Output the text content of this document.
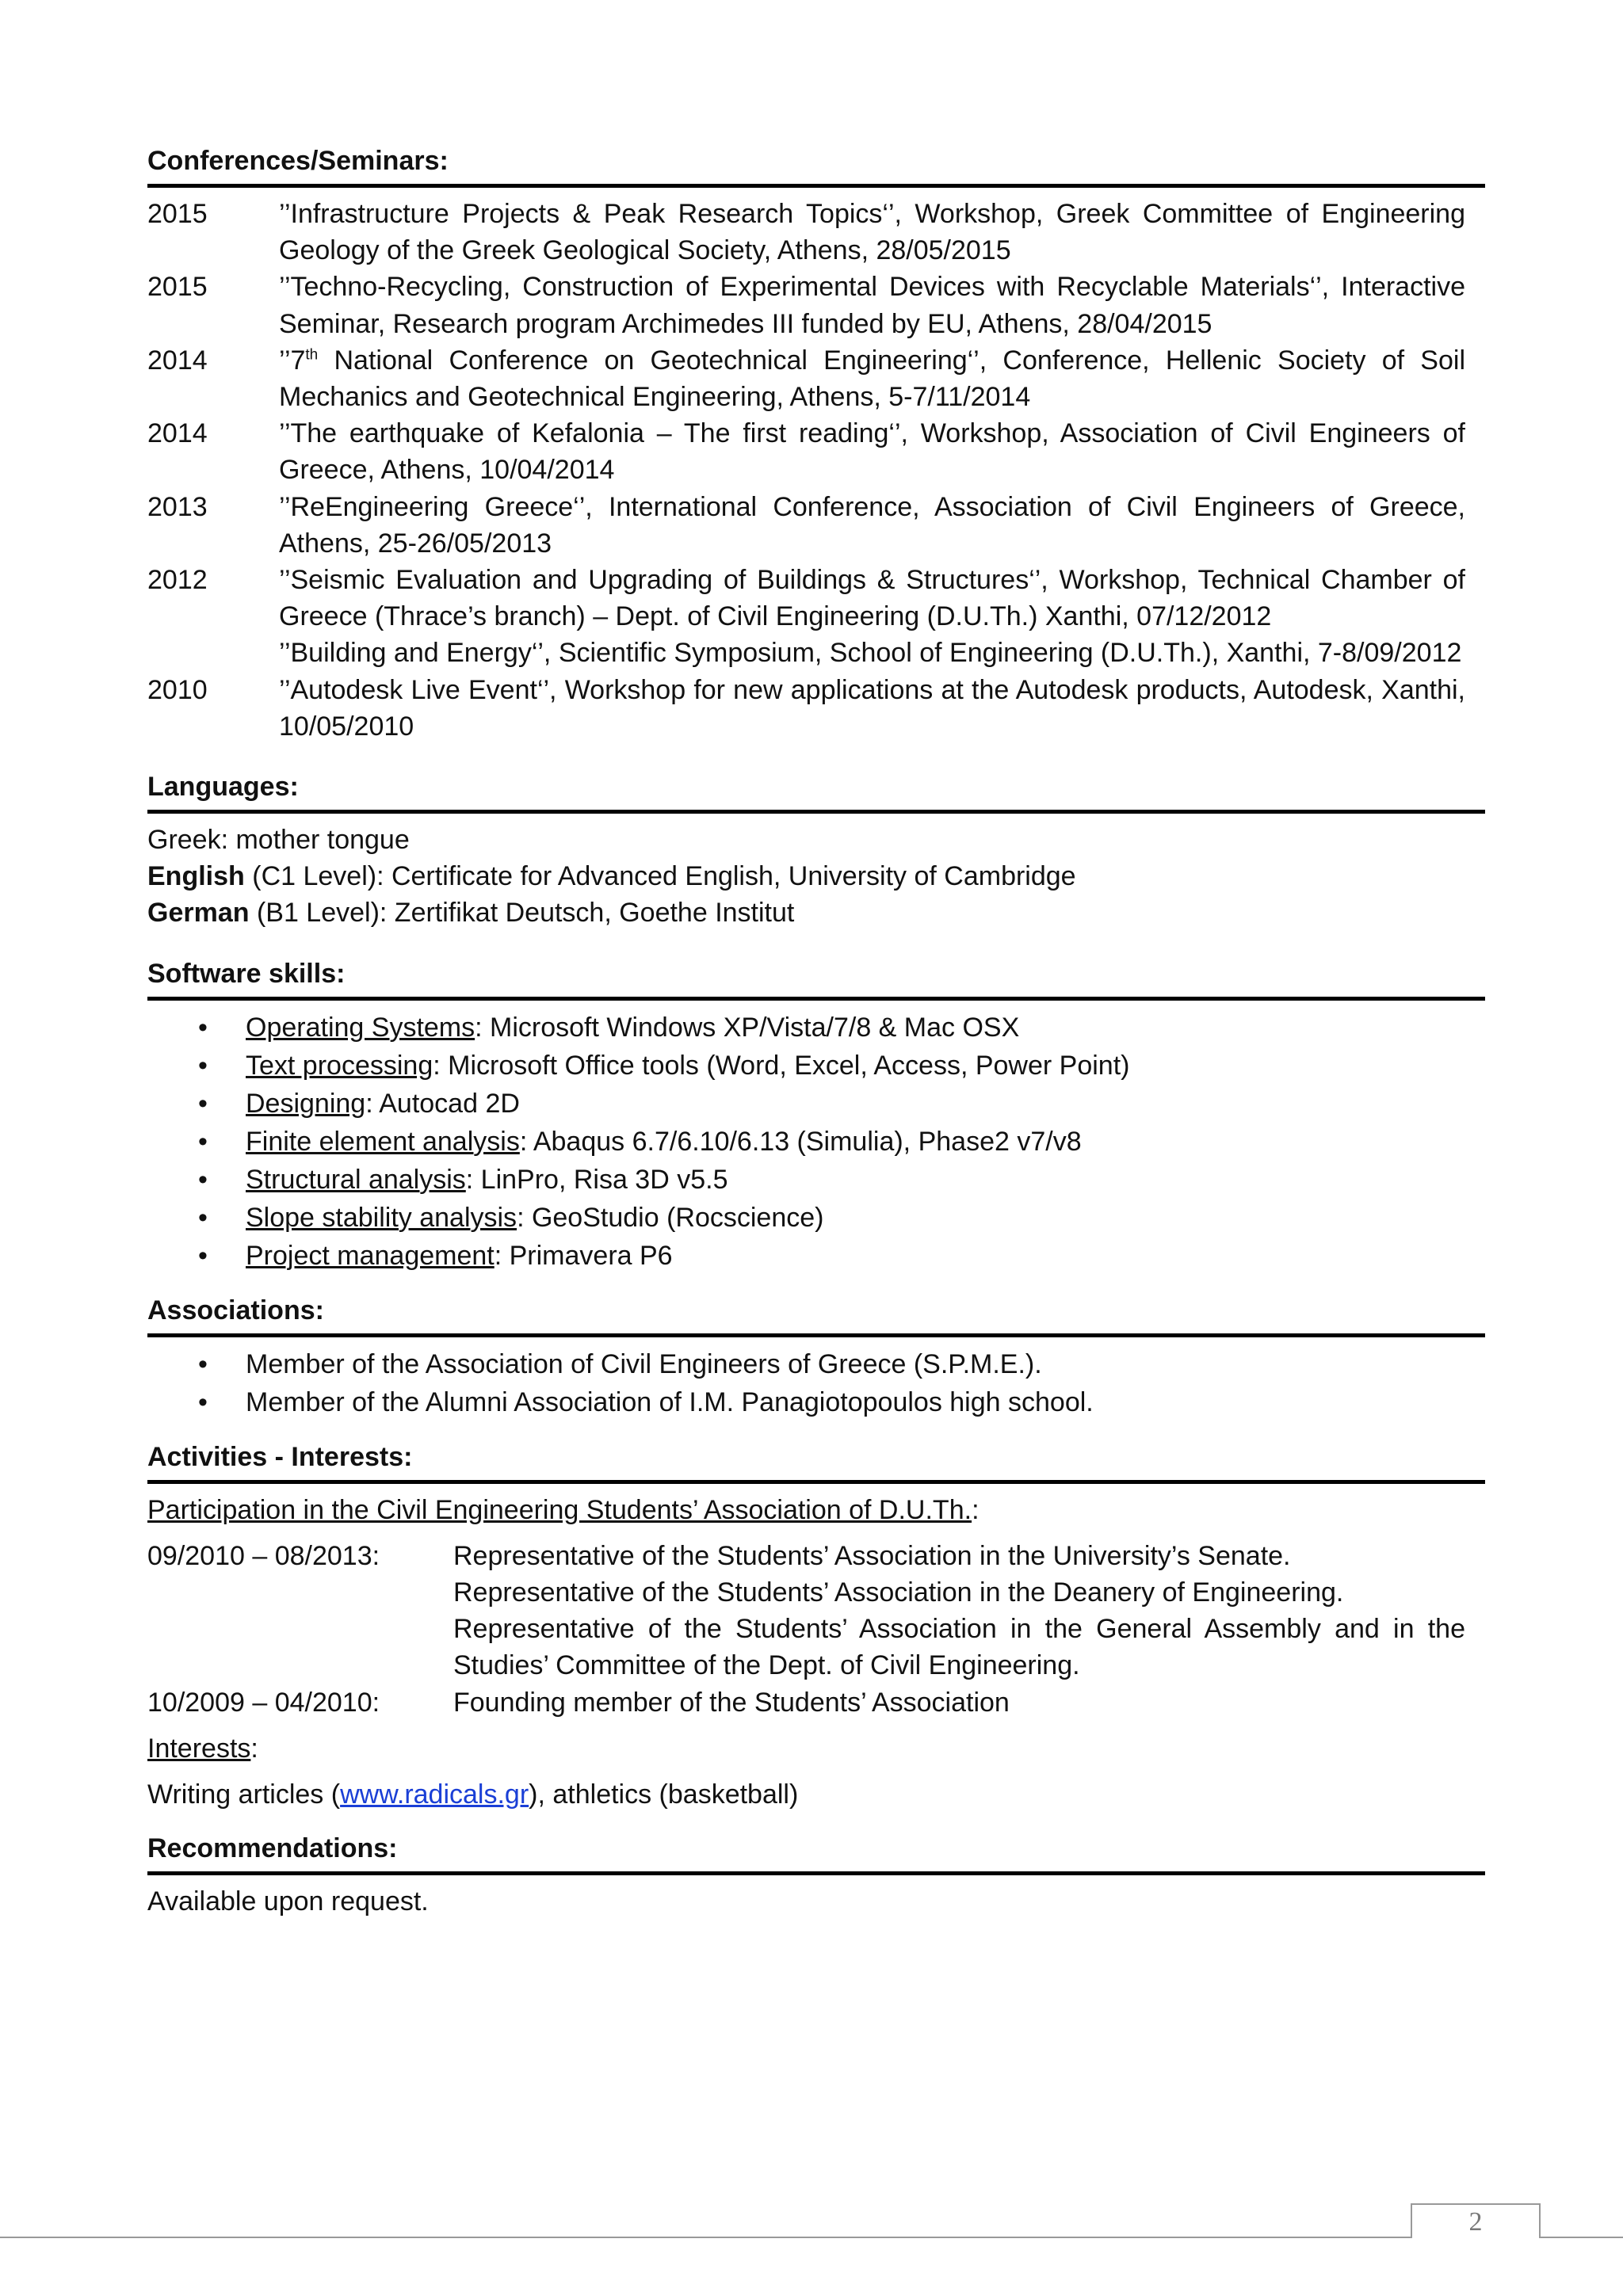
Conferences/Seminars:

2015	’’Infrastructure Projects & Peak Research Topics‘’, Workshop, Greek Committee of Engineering Geology of the Greek Geological Society, Athens, 28/05/2015
2015	’’Techno-Recycling, Construction of Experimental Devices with Recyclable Materials‘’, Interactive Seminar, Research program Archimedes III funded by EU, Athens, 28/04/2015
2014	’’7th National Conference on Geotechnical Engineering‘’, Conference, Hellenic Society of Soil Mechanics and Geotechnical Engineering, Athens, 5-7/11/2014
2014	’’The earthquake of Kefalonia – The first reading‘’, Workshop, Association of Civil Engineers of Greece, Athens, 10/04/2014
2013	’’ReEngineering Greece‘’, International Conference, Association of Civil Engineers of Greece, Athens, 25-26/05/2013
2012	’’Seismic Evaluation and Upgrading of Buildings & Structures‘’, Workshop, Technical Chamber of Greece (Thrace’s branch) – Dept. of Civil Engineering (D.U.Th.) Xanthi, 07/12/2012
’’Building and Energy‘’, Scientific Symposium, School of Engineering (D.U.Th.), Xanthi, 7-8/09/2012
2010	’’Autodesk Live Event‘’, Workshop for new applications at the Autodesk products, Autodesk, Xanthi, 10/05/2010

Languages:

Greek: mother tongue

English (C1 Level): Certificate for Advanced English, University of Cambridge

German (B1 Level): Zertifikat Deutsch, Goethe Institut

Software skills:

• Operating Systems: Microsoft Windows XP/Vista/7/8 & Mac OSX
• Text processing: Microsoft Office tools (Word, Excel, Access, Power Point)
• Designing: Autocad 2D
• Finite element analysis: Abaqus 6.7/6.10/6.13 (Simulia), Phase2 v7/v8
• Structural analysis: LinPro, Risa 3D v5.5
• Slope stability analysis: GeoStudio (Rocscience)
• Project management: Primavera P6

Associations:

• Member of the Association of Civil Engineers of Greece (S.P.M.E.).
• Member of the Alumni Association of I.M. Panagiotopoulos high school.

Activities - Interests:

Participation in the Civil Engineering Students’ Association of D.U.Th.:

09/2010 – 08/2013:	Representative of the Students’ Association in the University’s Senate.
Representative of the Students’ Association in the Deanery of Engineering.
Representative of the Students’ Association in the General Assembly and in the Studies’ Committee of the Dept. of Civil Engineering.
10/2009 – 04/2010:	Founding member of the Students’ Association

Interests:

Writing articles (www.radicals.gr), athletics (basketball)

Recommendations:

Available upon request.

2
